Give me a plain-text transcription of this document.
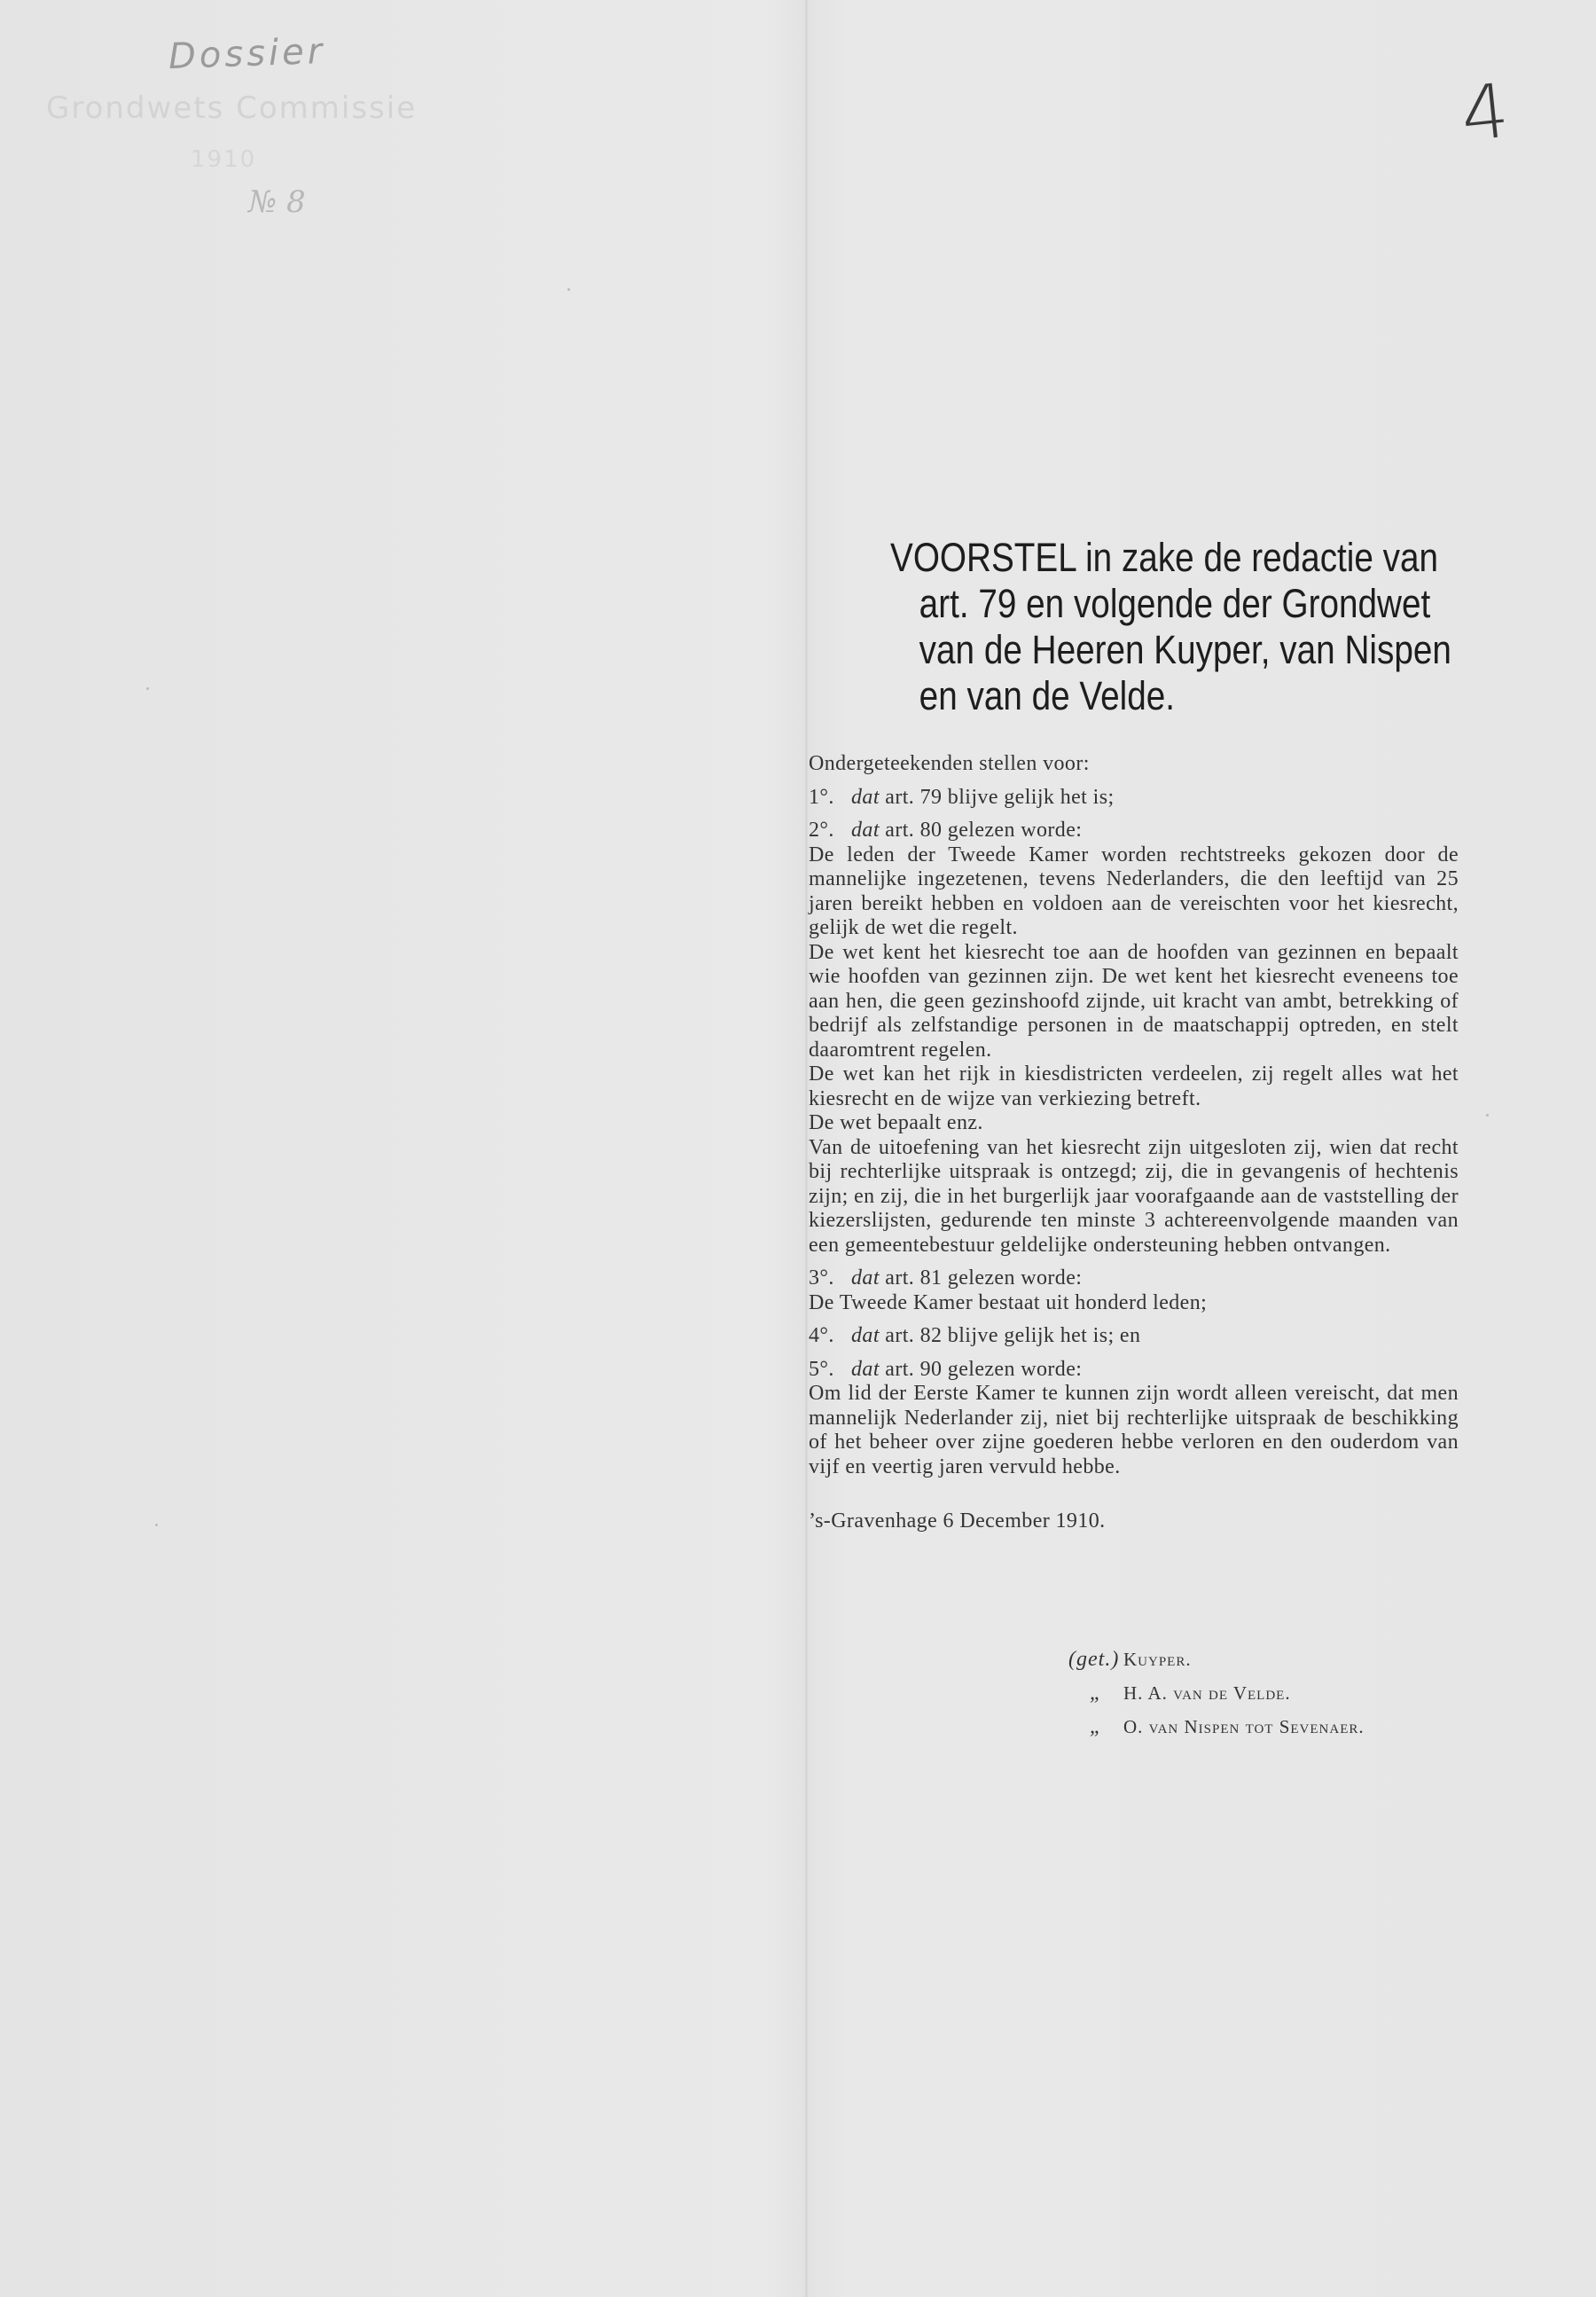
Dossier
Grondwets Commissie
1910
№ 8
4
VOORSTEL in zake de redactie van
art. 79 en volgende der Grondwet
van de Heeren Kuyper, van Nispen
en van de Velde.

Ondergeteekenden stellen voor:

1°. dat art. 79 blijve gelijk het is;

2°. dat art. 80 gelezen worde:

De leden der Tweede Kamer worden rechtstreeks gekozen door de mannelijke ingezetenen, tevens Nederlanders, die den leeftijd van 25 jaren bereikt hebben en voldoen aan de vereischten voor het kiesrecht, gelijk de wet die regelt.

De wet kent het kiesrecht toe aan de hoofden van gezinnen en bepaalt wie hoofden van gezinnen zijn. De wet kent het kiesrecht eveneens toe aan hen, die geen gezinshoofd zijnde, uit kracht van ambt, betrekking of bedrijf als zelfstandige personen in de maatschappij optreden, en stelt daaromtrent regelen.

De wet kan het rijk in kiesdistricten verdeelen, zij regelt alles wat het kiesrecht en de wijze van verkiezing betreft.

De wet bepaalt enz.

Van de uitoefening van het kiesrecht zijn uitgesloten zij, wien dat recht bij rechterlijke uitspraak is ontzegd; zij, die in gevangenis of hechtenis zijn; en zij, die in het burgerlijk jaar voorafgaande aan de vaststelling der kiezerslijsten, gedurende ten minste 3 achtereenvolgende maanden van een gemeentebestuur geldelijke ondersteuning hebben ontvangen.

3°. dat art. 81 gelezen worde:

De Tweede Kamer bestaat uit honderd leden;

4°. dat art. 82 blijve gelijk het is; en

5°. dat art. 90 gelezen worde:

Om lid der Eerste Kamer te kunnen zijn wordt alleen vereischt, dat men mannelijk Nederlander zij, niet bij rechterlijke uitspraak de beschikking of het beheer over zijne goederen hebbe verloren en den ouderdom van vijf en veertig jaren vervuld hebbe.

’s-Gravenhage 6 December 1910.

(get.) Kuyper.
„ H. A. van de Velde.
„ O. van Nispen tot Sevenaer.
